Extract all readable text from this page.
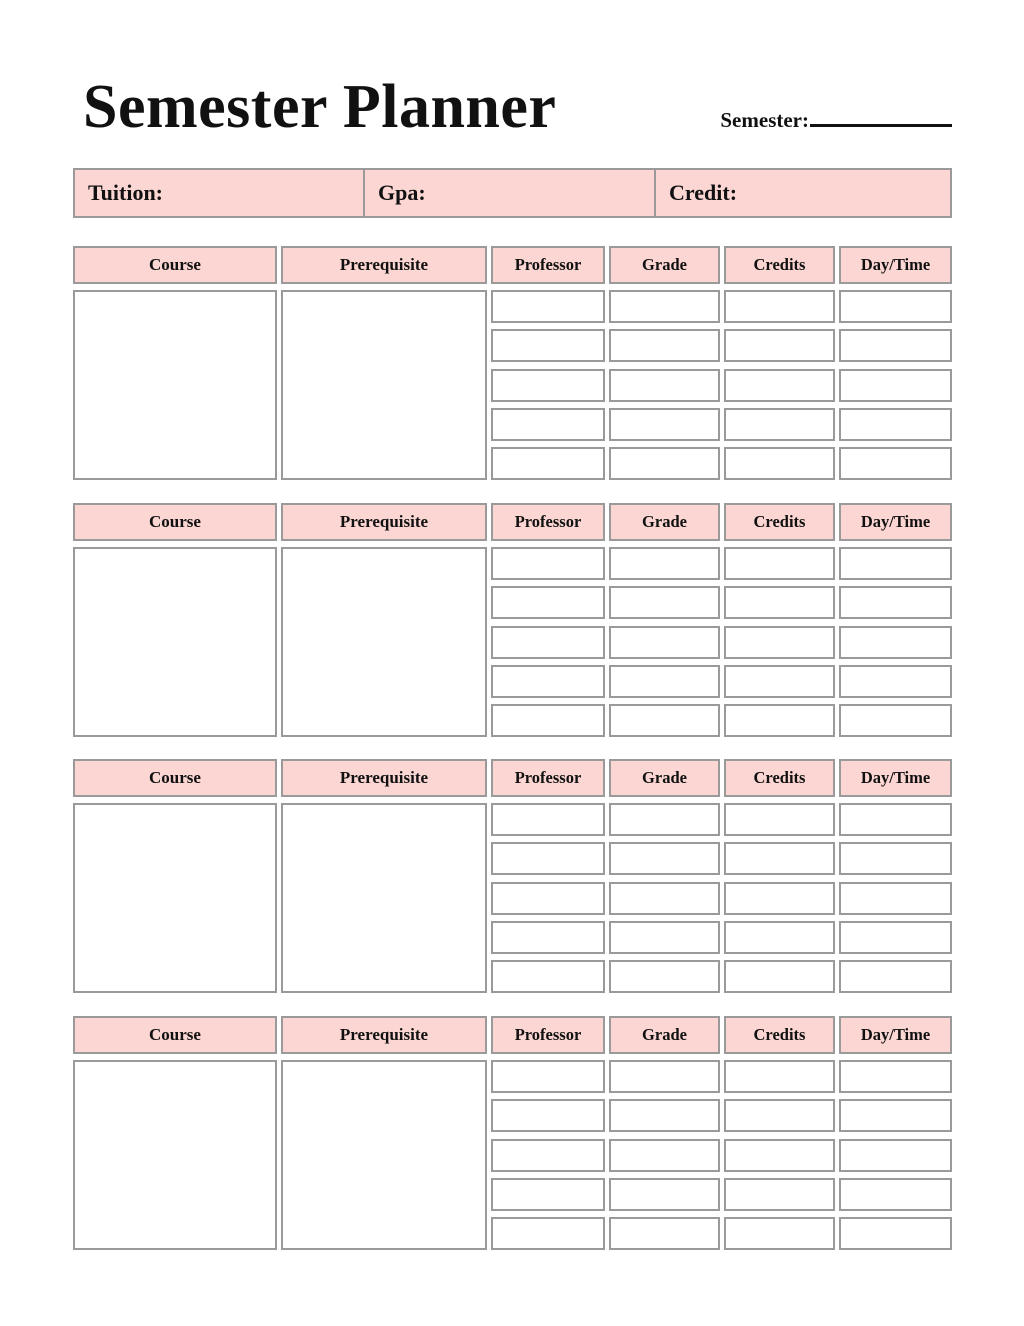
Semester Planner	Semester:
Tuition:	Gpa:	Credit:
Course	Prerequisite	Professor	Grade	Credits	Day/Time
Course	Prerequisite	Professor	Grade	Credits	Day/Time
Course	Prerequisite	Professor	Grade	Credits	Day/Time
Course	Prerequisite	Professor	Grade	Credits	Day/Time
